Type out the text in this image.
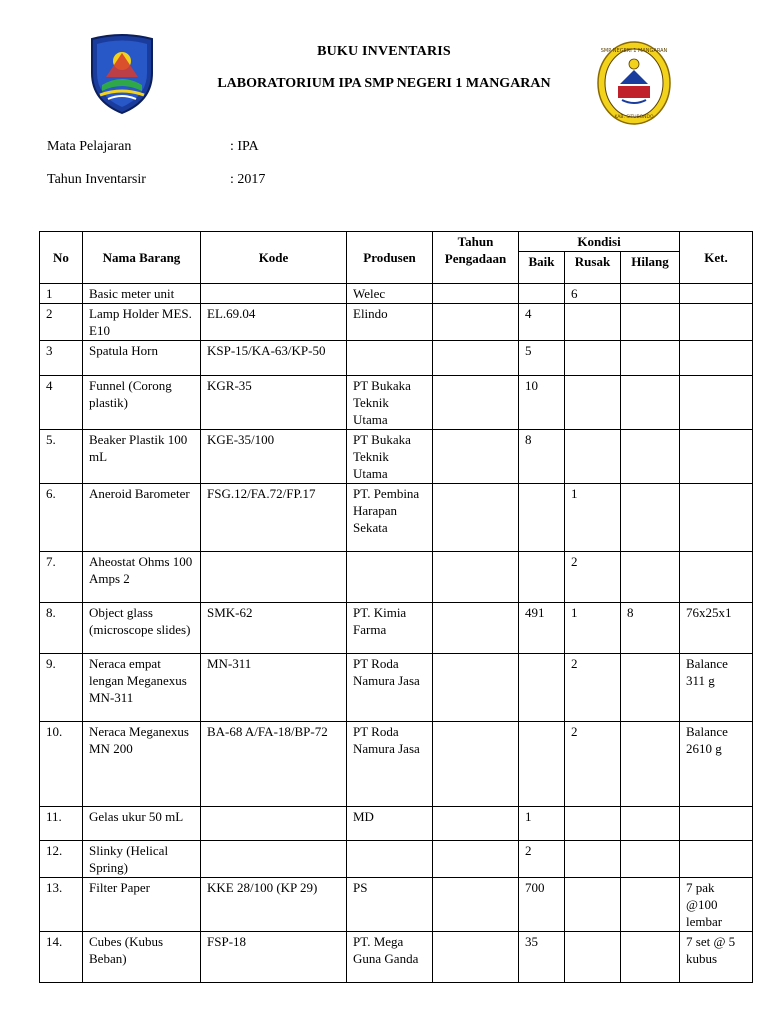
SMP NEGERI 1 MANGARAN
KAB. SITUBONDO
BUKU INVENTARIS
LABORATORIUM IPA SMP NEGERI 1 MANGARAN
Mata Pelajaran	: IPA
Tahun Inventarsir	: 2017
No	Nama Barang	Kode	Produsen	Tahun Pengadaan	Kondisi			Ket.
					Baik	Rusak	Hilang	
1	Basic meter unit		Welec			6		
2	Lamp Holder MES. E10	EL.69.04	Elindo		4			
3	Spatula Horn	KSP-15/KA-63/KP-50			5			
4	Funnel (Corong plastik)	KGR-35	PT Bukaka Teknik Utama		10			
5.	Beaker Plastik 100 mL	KGE-35/100	PT Bukaka Teknik Utama		8			
6.	Aneroid Barometer	FSG.12/FA.72/FP.17	PT. Pembina Harapan Sekata			1		
7.	Aheostat Ohms 100 Amps 2					2		
8.	Object glass (microscope slides)	SMK-62	PT. Kimia Farma		491	1	8	76x25x1
9.	Neraca empat lengan Meganexus MN-311	MN-311	PT Roda Namura Jasa			2		Balance 311 g
10.	Neraca Meganexus MN 200	BA-68 A/FA-18/BP-72	PT Roda Namura Jasa			2		Balance 2610 g
11.	Gelas ukur 50 mL		MD		1			
12.	Slinky (Helical Spring)				2			
13.	Filter Paper	KKE 28/100 (KP 29)	PS		700			7 pak @100 lembar
14.	Cubes (Kubus Beban)	FSP-18	PT. Mega Guna Ganda		35			7 set @ 5 kubus
